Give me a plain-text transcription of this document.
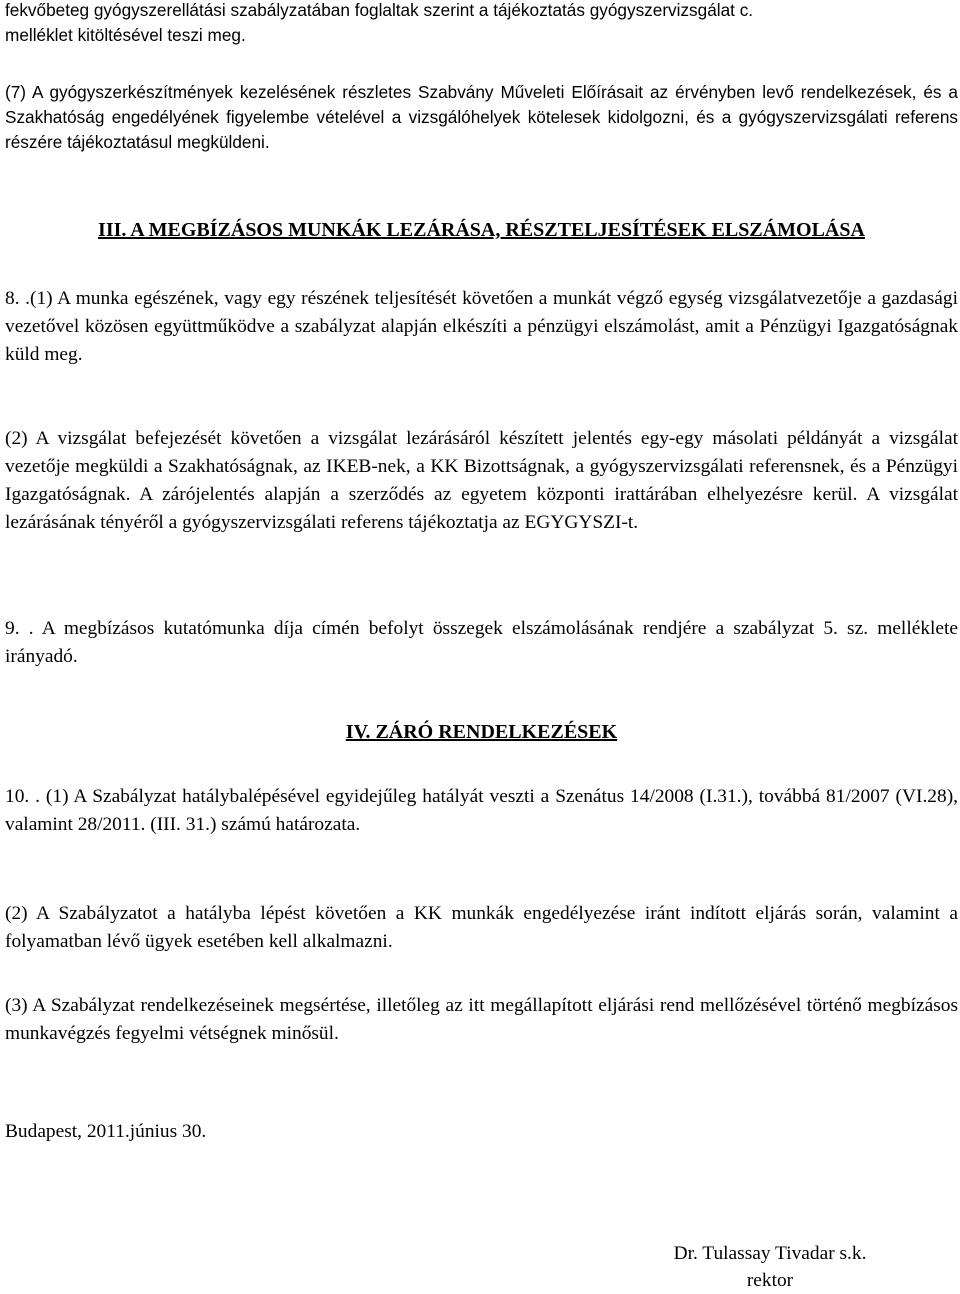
fekvőbeteg gyógyszerellátási szabályzatában foglaltak szerint a tájékoztatás gyógyszervizsgálat c.
melléklet kitöltésével teszi meg.

(7) A gyógyszerkészítmények kezelésének részletes Szabvány Műveleti Előírásait az érvényben levő rendelkezések, és a Szakhatóság engedélyének figyelembe vételével a vizsgálóhelyek kötelesek kidolgozni, és a gyógyszervizsgálati referens részére tájékoztatásul megküldeni.

III. A MEGBÍZÁSOS MUNKÁK LEZÁRÁSA, RÉSZTELJESÍTÉSEK ELSZÁMOLÁSA

8. .(1) A munka egészének, vagy egy részének teljesítését követően a munkát végző egység vizsgálatvezetője a gazdasági vezetővel közösen együttműködve a szabályzat alapján elkészíti a pénzügyi elszámolást, amit a Pénzügyi Igazgatóságnak küld meg.

(2) A vizsgálat befejezését követően a vizsgálat lezárásáról készített jelentés egy-egy másolati példányát a vizsgálat vezetője megküldi a Szakhatóságnak, az IKEB-nek, a KK Bizottságnak, a gyógyszervizsgálati referensnek, és a Pénzügyi Igazgatóságnak. A zárójelentés alapján a szerződés az egyetem központi irattárában elhelyezésre kerül. A vizsgálat lezárásának tényéről a gyógyszervizsgálati referens tájékoztatja az EGYGYSZI-t.

9. . A megbízásos kutatómunka díja címén befolyt összegek elszámolásának rendjére a szabályzat 5. sz. melléklete irányadó.

IV. ZÁRÓ RENDELKEZÉSEK

10. . (1) A Szabályzat hatálybalépésével egyidejűleg hatályát veszti a Szenátus 14/2008 (I.31.), továbbá 81/2007 (VI.28), valamint 28/2011. (III. 31.) számú határozata.

(2) A Szabályzatot a hatályba lépést követően a KK munkák engedélyezése iránt indított eljárás során, valamint a folyamatban lévő ügyek esetében kell alkalmazni.

(3) A Szabályzat rendelkezéseinek megsértése, illetőleg az itt megállapított eljárási rend mellőzésével történő megbízásos munkavégzés fegyelmi vétségnek minősül.

Budapest, 2011.június 30.

Dr. Tulassay Tivadar s.k.
rektor
